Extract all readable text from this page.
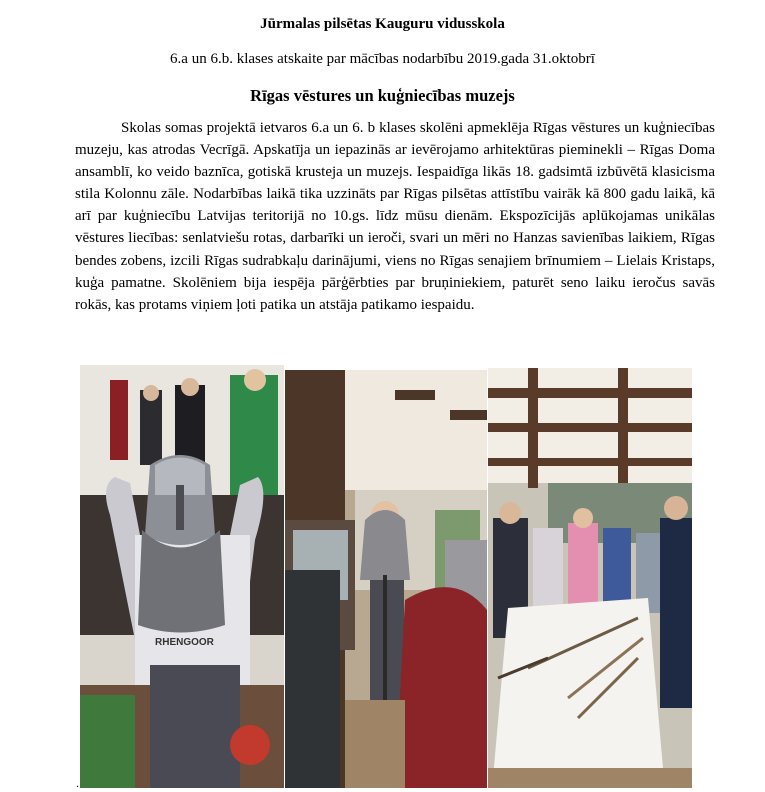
Jūrmalas pilsētas Kauguru vidusskola
6.a un 6.b. klases atskaite par mācības nodarbību 2019.gada 31.oktobrī
Rīgas vēstures un kuģniecības muzejs

Skolas somas projektā ietvaros 6.a un 6. b klases skolēni apmeklēja Rīgas vēstures un kuģniecības muzeju, kas atrodas Vecrīgā. Apskatīja un iepazinās ar ievērojamo arhitektūras pieminekli – Rīgas Doma ansamblī, ko veido baznīca, gotiskā krusteja un muzejs. Iespaidīga likās 18. gadsimtā izbūvētā klasicisma stila Kolonnu zāle. Nodarbības laikā tika uzzināts par Rīgas pilsētas attīstību vairāk kā 800 gadu laikā, kā arī par kuģniecību Latvijas teritorijā no 10.gs. līdz mūsu dienām. Ekspozīcijās aplūkojamas unikālas vēstures liecības: senlatviešu rotas, darbarīki un ieroči, svari un mēri no Hanzas savienības laikiem, Rīgas bendes zobens, izcili Rīgas sudrabkaļu darinājumi, viens no Rīgas senajiem brīnumiem – Lielais Kristaps, kuģa pamatne. Skolēniem bija iespēja pārģērbties par bruņiniekiem, paturēt seno laiku ieročus savās rokās, kas protams viņiem ļoti patika un atstāja patikamo iespaidu.

RHENGOOR
.
